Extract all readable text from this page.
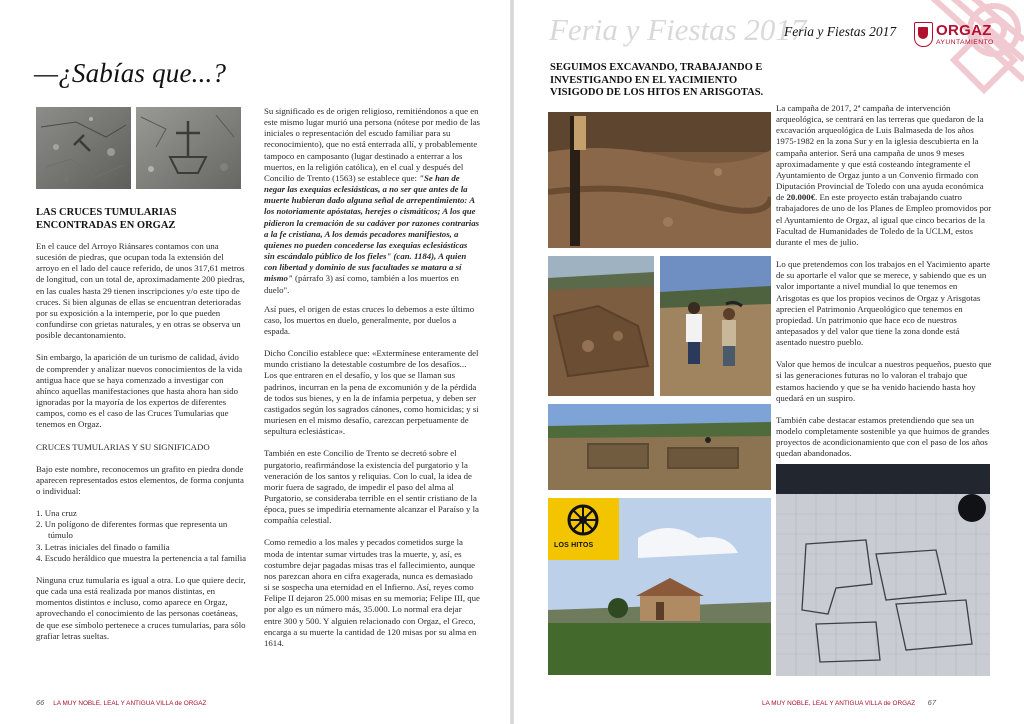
—¿Sabías que...?
LAS CRUCES TUMULARIAS ENCONTRADAS EN ORGAZ

En el cauce del Arroyo Riánsares contamos con una sucesión de piedras, que ocupan toda la extensión del arroyo en el lado del cauce referido, de unos 317,61 metros de longitud, con un total de, aproximadamente 200 piedras, en las cuales hasta 29 tienen inscripciones y/o este tipo de cruces. Si bien algunas de ellas se encuentran deterioradas por su exposición a la intemperie, por lo que pueden confundirse con grietas naturales, y en otras se observa un posible decantonamiento.

Sin embargo, la aparición de un turismo de calidad, ávido de comprender y analizar nuevos conocimientos de la vida antigua hace que se haya comenzado a investigar con ahínco aquellas manifestaciones que hasta ahora han sido ignoradas por la mayoría de los expertos de diferentes campos, como es el caso de las Cruces Tumularias que tenemos en Orgaz.

CRUCES TUMULARIAS Y SU SIGNIFICADO

Bajo este nombre, reconocemos un grafito en piedra donde aparecen representados estos elementos, de forma conjunta o individual:

1. Una cruz
2. Un polígono de diferentes formas que representa un túmulo
3. Letras iniciales del finado o familia
4. Escudo heráldico que muestra la pertenencia a tal familia

Ninguna cruz tumularia es igual a otra. Lo que quiere decir, que cada una está realizada por manos distintas, en momentos distintos e incluso, como aparece en Orgaz, aprovechando el conocimiento de las personas coetáneas, de que ese símbolo pertenece a cruces tumularias, para sólo grafiar letras sueltas.

Su significado es de origen religioso, remitiéndonos a que en este mismo lugar murió una persona (nótese por medio de las iniciales o representación del escudo familiar para su reconocimiento), que no está enterrada allí, y probablemente tampoco en camposanto (lugar destinado a enterrar a los muertos, en la religión católica), en el cual y después del Concilio de Trento (1563) se establece que: "Se han de negar las exequias eclesiásticas, a no ser que antes de la muerte hubieran dado alguna señal de arrepentimiento: A los notoriamente apóstatas, herejes o cismáticos; A los que pidieron la cremación de su cadáver por razones contrarias a la fe cristiana, A los demás pecadores manifiestos, a quienes no pueden concederse las exequias eclesiásticas sin escándalo público de los fieles" (can. 1184), A quien con libertad y dominio de sus facultades se matara a sí mismo" (párrafo 3) así como, también a los muertos en duelo".

Así pues, el origen de estas cruces lo debemos a este último caso, los muertos en duelo, generalmente, por duelos a espada.

Dicho Concilio establece que: «Extermínese enteramente del mundo cristiano la detestable costumbre de los desafíos... Los que entraren en el desafío, y los que se llaman sus padrinos, incurran en la pena de excomunión y de la pérdida de todos sus bienes, y en la de infamia perpetua, y deben ser castigados según los sagrados cánones, como homicidas; y si muriesen en el mismo desafío, carezcan perpetuamente de sepultura eclesiástica».

También en este Concilio de Trento se decretó sobre el purgatorio, reafirmándose la existencia del purgatorio y la veneración de los santos y reliquias. Con lo cual, la idea de morir fuera de sagrado, de impedir el paso del alma al Purgatorio, se consideraba terrible en el sentir cristiano de la época, pues se impediría eternamente alcanzar el Paraíso y la compañía celestial.

Como remedio a los males y pecados cometidos surge la moda de intentar sumar virtudes tras la muerte, y, así, es costumbre dejar pagadas misas tras el fallecimiento, aunque nos parezcan ahora en cifra exagerada, nunca es demasiado si se sospecha una eternidad en el Infierno. Así, reyes como Felipe II dejaron 25.000 misas en su memoria; Felipe III, que por algo es un número más, 35.000. Lo normal era dejar entre 300 y 500. Y alguien relacionado con Orgaz, el Greco, encarga a su muerte la cantidad de 120 misas por su alma en 1614.

66 LA MUY NOBLE, LEAL Y ANTIGUA VILLA de ORGAZ
Feria y Fiestas 2017
Feria y Fiestas 2017	ORGAZ
AYUNTAMIENTO
SEGUIMOS EXCAVANDO, TRABAJANDO E INVESTIGANDO EN EL YACIMIENTO VISIGODO DE LOS HITOS EN ARISGOTAS.
LOS HITOS

La campaña de 2017, 2ª campaña de intervención arqueológica, se centrará en las terreras que quedaron de la excavación arqueológica de Luis Balmaseda de los años 1975-1982 en la zona Sur y en la iglesia descubierta en la campaña anterior. Será una campaña de unos 9 meses aproximadamente y que está costeando íntegramente el Ayuntamiento de Orgaz junto a un Convenio firmado con Diputación Provincial de Toledo con una ayuda económica de 20.000€. En este proyecto están trabajando cuatro trabajadores de uno de los Planes de Empleo promovidos por el Ayuntamiento de Orgaz, al igual que cinco becarios de la Facultad de Humanidades de Toledo de la UCLM, estos durante el mes de julio.

Lo que pretendemos con los trabajos en el Yacimiento aparte de su aportarle el valor que se merece, y sabiendo que es un valor importante a nivel mundial lo que tenemos en Arisgotas es que los propios vecinos de Orgaz y Arisgotas aprecien el Patrimonio Arqueológico que tenemos en propiedad. Un patrimonio que hace eco de nuestros antepasados y del valor que tiene la zona donde está asentado nuestro pueblo.

Valor que hemos de inculcar a nuestros pequeños, puesto que si las generaciones futuras no lo valoran el trabajo que estamos haciendo y que se ha venido haciendo hasta hoy quedará en un suspiro.

También cabe destacar estamos pretendiendo que sea un modelo completamente sostenible ya que huimos de grandes proyectos de acondicionamiento que con el paso de los años quedan abandonados.

LA MUY NOBLE, LEAL Y ANTIGUA VILLA de ORGAZ 67
